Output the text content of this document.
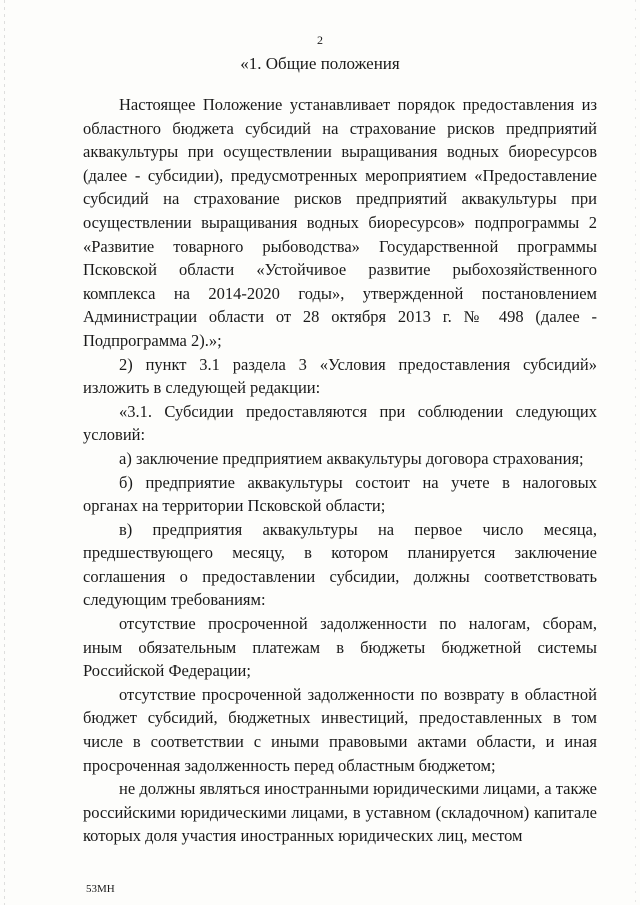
2
«1. Общие положения

Настоящее Положение устанавливает порядок предоставления из областного бюджета субсидий на страхование рисков предприятий аквакультуры при осуществлении выращивания водных биоресурсов (далее - субсидии), предусмотренных мероприятием «Предоставление субсидий на страхование рисков предприятий аквакультуры при осуществлении выращивания водных биоресурсов» подпрограммы 2 «Развитие товарного рыбоводства» Государственной программы Псковской области «Устойчивое развитие рыбохозяйственного комплекса на 2014-2020 годы», утвержденной постановлением Администрации области от 28 октября 2013 г. № 498 (далее - Подпрограмма 2).»;

2) пункт 3.1 раздела 3 «Условия предоставления субсидий» изложить в следующей редакции:

«3.1. Субсидии предоставляются при соблюдении следующих условий:

а) заключение предприятием аквакультуры договора страхования;

б) предприятие аквакультуры состоит на учете в налоговых органах на территории Псковской области;

в) предприятия аквакультуры на первое число месяца, предшествующего месяцу, в котором планируется заключение соглашения о предоставлении субсидии, должны соответствовать следующим требованиям:

отсутствие просроченной задолженности по налогам, сборам, иным обязательным платежам в бюджеты бюджетной системы Российской Федерации;

отсутствие просроченной задолженности по возврату в областной бюджет субсидий, бюджетных инвестиций, предоставленных в том числе в соответствии с иными правовыми актами области, и иная просроченная задолженность перед областным бюджетом;

не должны являться иностранными юридическими лицами, а также российскими юридическими лицами, в уставном (складочном) капитале которых доля участия иностранных юридических лиц, местом

53МН
